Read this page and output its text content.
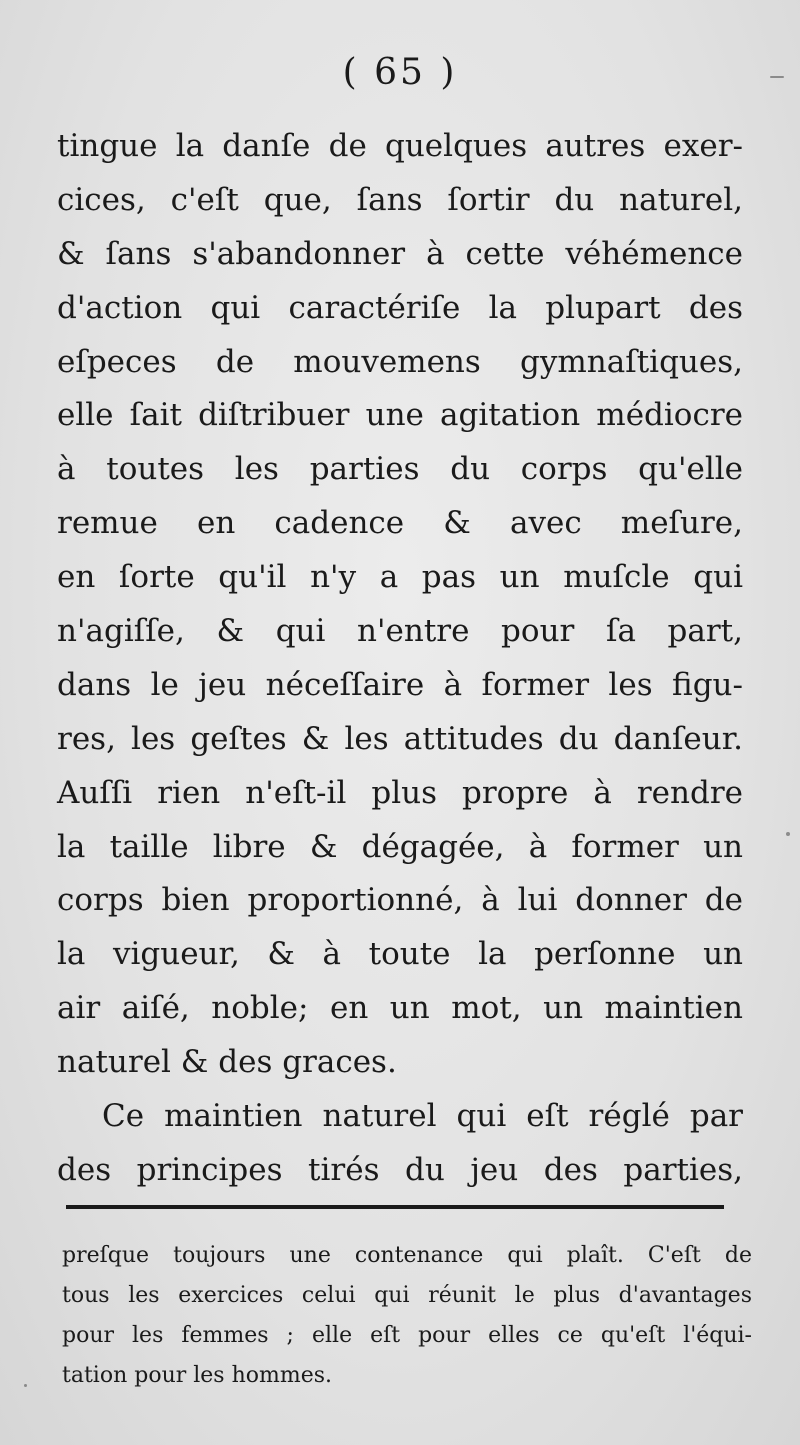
( 65 )
tingue la danſe de quelques autres exer-
cices, c'eſt que, ſans ſortir du naturel,
& ſans s'abandonner à cette véhémence
d'action qui caractériſe la plupart des
eſpeces de mouvemens gymnaſtiques,
elle ſait diſtribuer une agitation médiocre
à toutes les parties du corps qu'elle
remue en cadence & avec meſure,
en ſorte qu'il n'y a pas un muſcle qui
n'agiſſe, & qui n'entre pour ſa part,
dans le jeu néceſſaire à former les figu-
res, les geſtes & les attitudes du danſeur.
Auſſi rien n'eſt-il plus propre à rendre
la taille libre & dégagée, à former un
corps bien proportionné, à lui donner de
la vigueur, & à toute la perſonne un
air aiſé, noble; en un mot, un maintien
naturel & des graces.
Ce maintien naturel qui eſt réglé par
des principes tirés du jeu des parties,
preſque toujours une contenance qui plaît. C'eſt de
tous les exercices celui qui réunit le plus d'avantages
pour les femmes ; elle eſt pour elles ce qu'eſt l'équi-
tation pour les hommes.
